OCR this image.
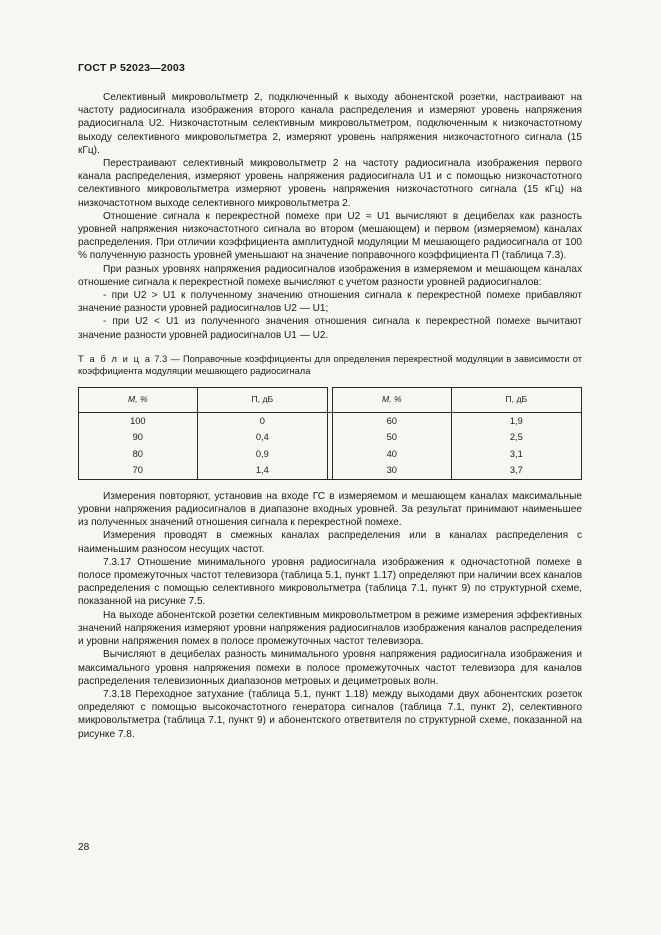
ГОСТ Р 52023—2003

Селективный микровольтметр 2, подключенный к выходу абонентской розетки, настраивают на частоту радиосигнала изображения второго канала распределения и измеряют уровень напряжения радиосигнала U2. Низкочастотным селективным микровольтметром, подключенным к низкочастотному выходу селективного микровольтметра 2, измеряют уровень напряжения низкочастотного сигнала (15 кГц).

Перестраивают селективный микровольтметр 2 на частоту радиосигнала изображения первого канала распределения, измеряют уровень напряжения радиосигнала U1 и с помощью низкочастотного селективного микровольтметра измеряют уровень напряжения низкочастотного сигнала (15 кГц) на низкочастотном выходе селективного микровольтметра 2.

Отношение сигнала к перекрестной помехе при U2 ≈ U1 вычисляют в децибелах как разность уровней напряжения низкочастотного сигнала во втором (мешающем) и первом (измеряемом) каналах распределения. При отличии коэффициента амплитудной модуляции М мешающего радиосигнала от 100 % полученную разность уровней уменьшают на значение поправочного коэффициента П (таблица 7.3).

При разных уровнях напряжения радиосигналов изображения в измеряемом и мешающем каналах отношение сигнала к перекрестной помехе вычисляют с учетом разности уровней радиосигналов:

- при U2 > U1 к полученному значению отношения сигнала к перекрестной помехе прибавляют значение разности уровней радиосигналов U2 — U1;

- при U2 < U1 из полученного значения отношения сигнала к перекрестной помехе вычитают значение разности уровней радиосигналов U1 — U2.

Т а б л и ц а 7.3 — Поправочные коэффициенты для определения перекрестной модуляции в зависимости от коэффициента модуляции мешающего радиосигнала

М, %	П, дБ		М, %	П, дБ
100	0		60	1,9
90	0,4		50	2,5
80	0,9		40	3,1
70	1,4		30	3,7

Измерения повторяют, установив на входе ГС в измеряемом и мешающем каналах максимальные уровни напряжения радиосигналов в диапазоне входных уровней. За результат принимают наименьшее из полученных значений отношения сигнала к перекрестной помехе.

Измерения проводят в смежных каналах распределения или в каналах распределения с наименьшим разносом несущих частот.

7.3.17 Отношение минимального уровня радиосигнала изображения к одночастотной помехе в полосе промежуточных частот телевизора (таблица 5.1, пункт 1.17) определяют при наличии всех каналов распределения с помощью селективного микровольтметра (таблица 7.1, пункт 9) по структурной схеме, показанной на рисунке 7.5.

На выходе абонентской розетки селективным микровольтметром в режиме измерения эффективных значений напряжения измеряют уровни напряжения радиосигналов изображения каналов распределения и уровни напряжения помех в полосе промежуточных частот телевизора.

Вычисляют в децибелах разность минимального уровня напряжения радиосигнала изображения и максимального уровня напряжения помехи в полосе промежуточных частот телевизора для каналов распределения телевизионных диапазонов метровых и дециметровых волн.

7.3.18 Переходное затухание (таблица 5.1, пункт 1.18) между выходами двух абонентских розеток определяют с помощью высокочастотного генератора сигналов (таблица 7.1, пункт 2), селективного микровольтметра (таблица 7.1, пункт 9) и абонентского ответвителя по структурной схеме, показанной на рисунке 7.8.

28
